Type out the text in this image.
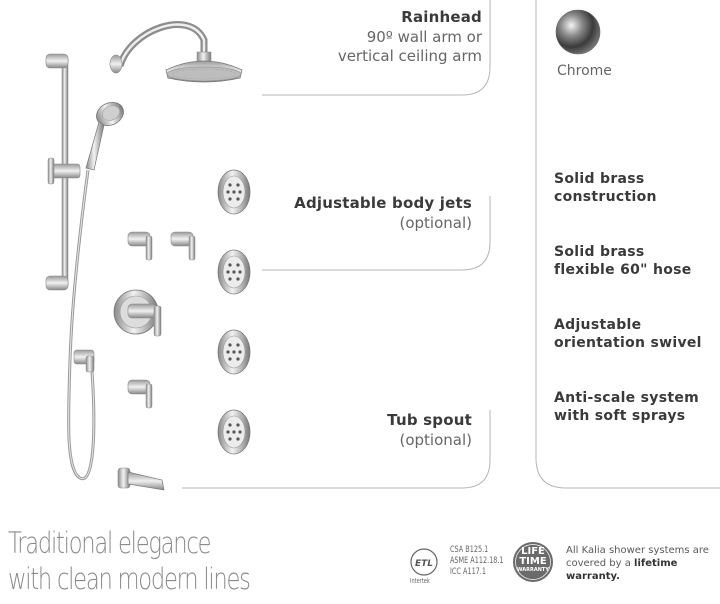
ETL
Rainhead
90º wall arm or
vertical ceiling arm
Adjustable body jets
(optional)
Tub spout
(optional)
Chrome
Solid brass
construction
Solid brass
flexible 60" hose
Adjustable
orientation swivel
Anti-scale system
with soft sprays
Traditional elegance
with clean modern lines	Intertek
CSA B125.1
ASME A112.18.1
ICC A117.1
LIFE
TIME
WARRANTY
All Kalia shower systems are covered by a lifetime warranty.
